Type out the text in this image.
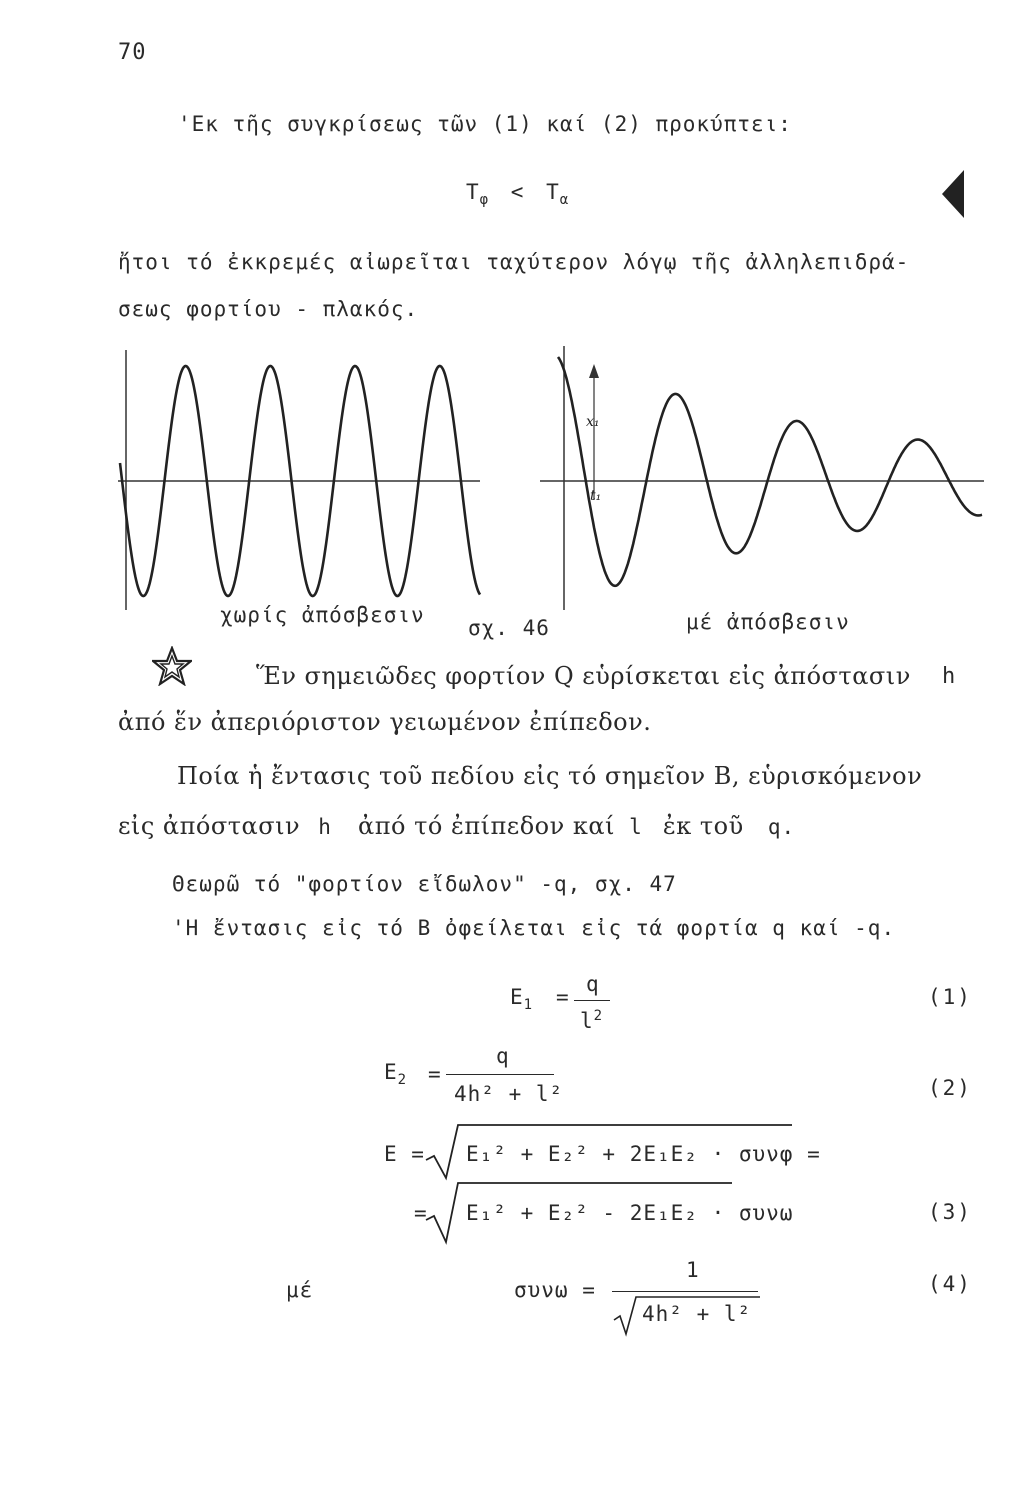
70
'Εκ τῆς συγκρίσεως τῶν (1) καί (2) προκύπτει:
$T_\varphi < T_\alpha$
ἤτοι τό ἐκκρεμές αἰωρεῖται ταχύτερον λόγῳ τῆς ἀλληλεπιδρά-
σεως φορτίου - πλακός.
x₁
t₁
χωρίς ἀπόσβεσιν
σχ. 46	μέ ἀπόσβεσιν
Ἕν σημειῶδες φορτίον Q εὑρίσκεται εἰς ἀπόστασιν h
ἀπό ἕν ἀπεριόριστον γειωμένον ἐπίπεδον.
Ποία ἡ ἔντασις τοῦ πεδίου εἰς τό σημεῖον Β, εὑρισκόμενον
εἰς ἀπόστασιν h ἀπό τό ἐπίπεδον καί l ἐκ τοῦ q.
Θεωρῶ τό "φορτίον εἴδωλον" -q, σχ. 47
'Η ἔντασις εἰς τό Β ὀφείλεται εἰς τά φορτία q καί -q.
$E_1$ =
q
$l^2$
(1)
$E_2$ =
q
4h² + l²	(2)
E = E₁² + E₂² + 2E₁E₂ · συνφ =
= E₁² + E₂² - 2E₁E₂ · συνω	(3)
μέ	συνω =
1
4h² + l²
(4)
